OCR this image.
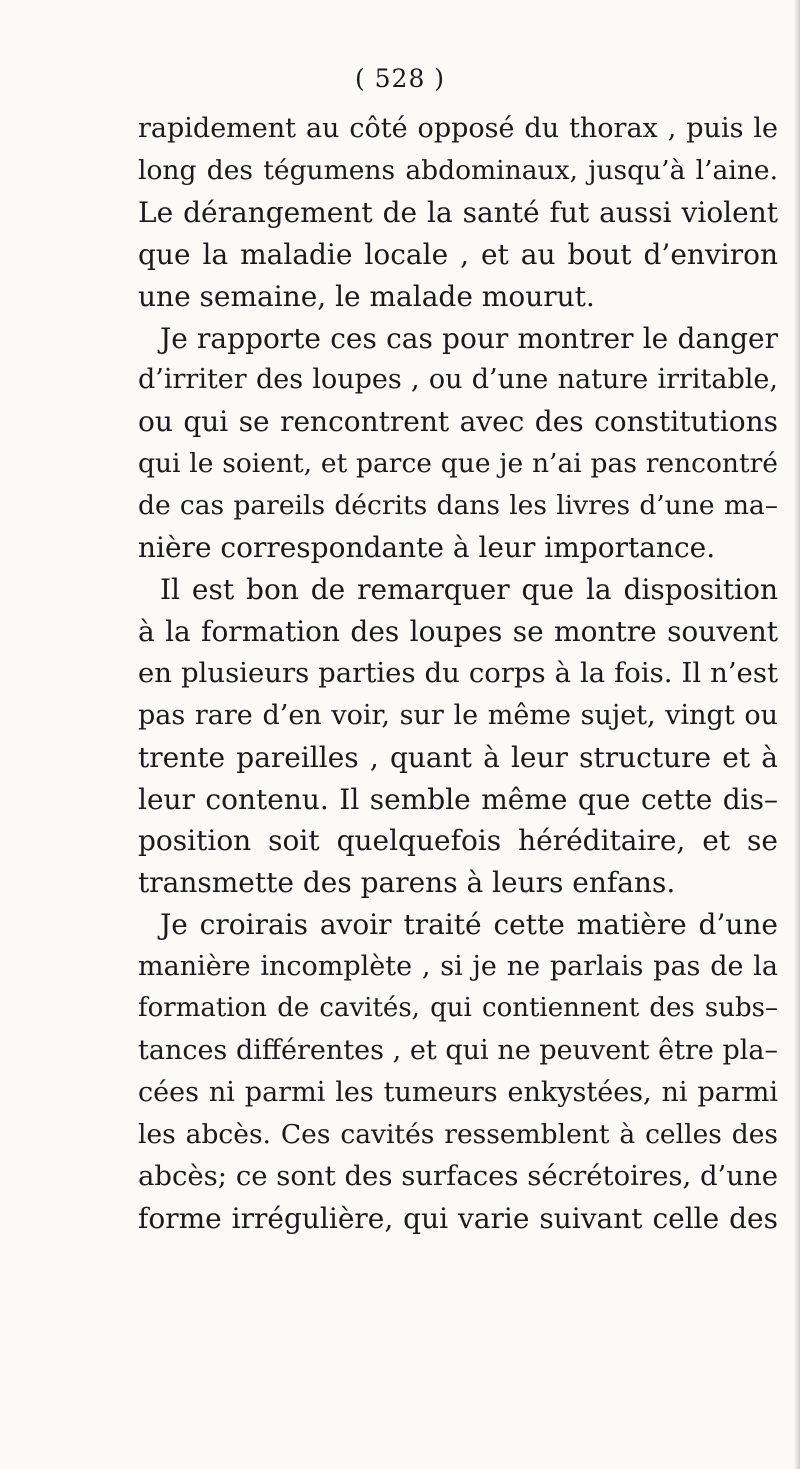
( 528 )
rapidement au côté opposé du thorax , puis le
long des tégumens abdominaux, jusqu’à l’aine.
Le dérangement de la santé fut aussi violent
que la maladie locale , et au bout d’environ
une semaine, le malade mourut.
Je rapporte ces cas pour montrer le danger
d’irriter des loupes , ou d’une nature irritable,
ou qui se rencontrent avec des constitutions
qui le soient, et parce que je n’ai pas rencontré
de cas pareils décrits dans les livres d’une ma–
nière correspondante à leur importance.
Il est bon de remarquer que la disposition
à la formation des loupes se montre souvent
en plusieurs parties du corps à la fois. Il n’est
pas rare d’en voir, sur le même sujet, vingt ou
trente pareilles , quant à leur structure et à
leur contenu. Il semble même que cette dis–
position soit quelquefois héréditaire, et se
transmette des parens à leurs enfans.
Je croirais avoir traité cette matière d’une
manière incomplète , si je ne parlais pas de la
formation de cavités, qui contiennent des subs–
tances différentes , et qui ne peuvent être pla–
cées ni parmi les tumeurs enkystées, ni parmi
les abcès. Ces cavités ressemblent à celles des
abcès; ce sont des surfaces sécrétoires, d’une
forme irrégulière, qui varie suivant celle des
